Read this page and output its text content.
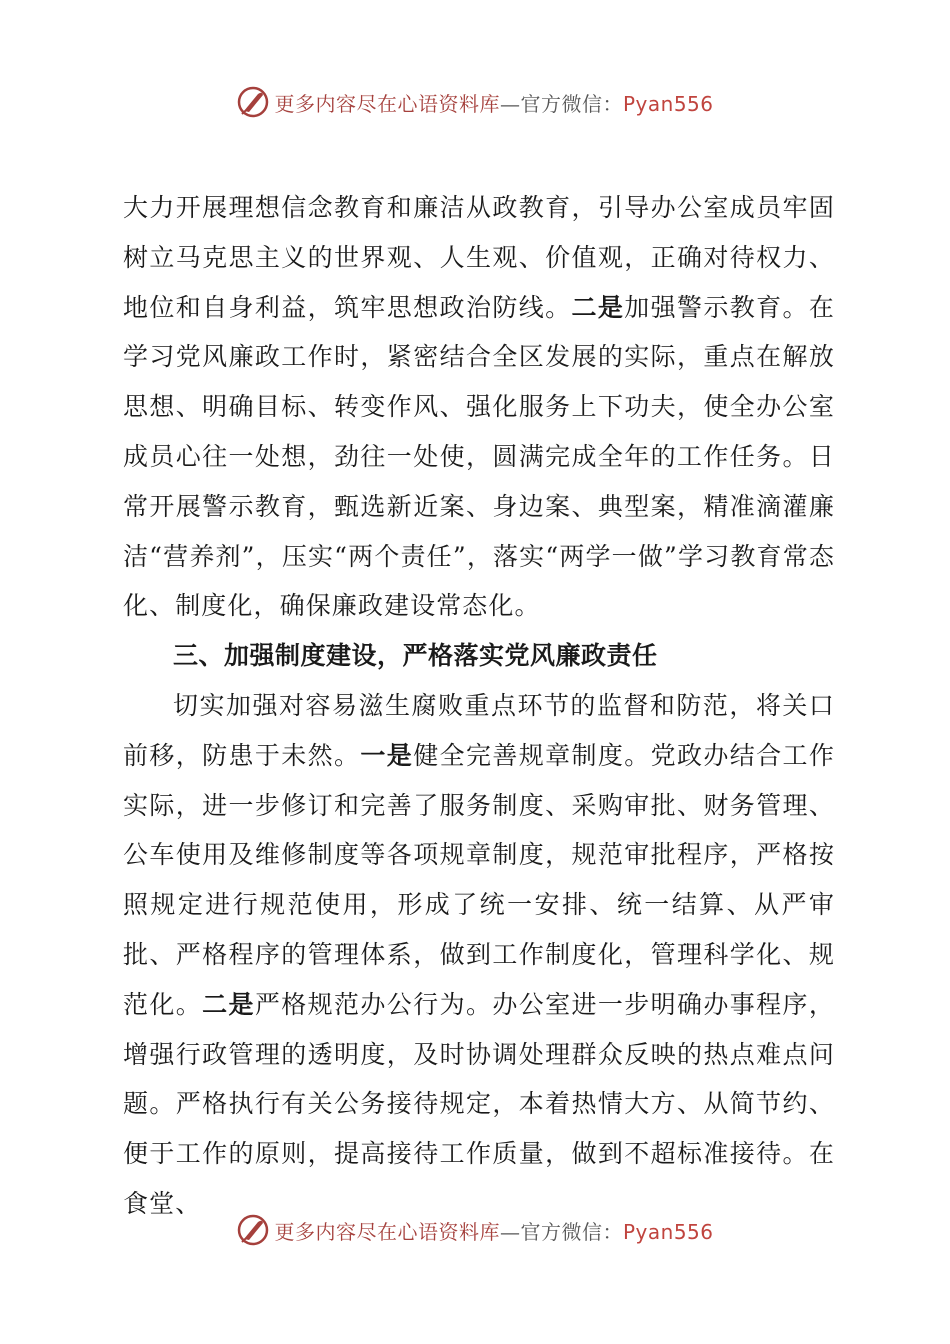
更多内容尽在心语资料库—官方微信：Pyan556

大力开展理想信念教育和廉洁从政教育，引导办公室成员牢固树立马克思主义的世界观、人生观、价值观，正确对待权力、地位和自身利益，筑牢思想政治防线。二是加强警示教育。在学习党风廉政工作时，紧密结合全区发展的实际，重点在解放思想、明确目标、转变作风、强化服务上下功夫，使全办公室成员心往一处想，劲往一处使，圆满完成全年的工作任务。日常开展警示教育，甄选新近案、身边案、典型案，精准滴灌廉洁“营养剂”，压实“两个责任”，落实“两学一做”学习教育常态化、制度化，确保廉政建设常态化。

三、加强制度建设，严格落实党风廉政责任

切实加强对容易滋生腐败重点环节的监督和防范，将关口前移，防患于未然。一是健全完善规章制度。党政办结合工作实际，进一步修订和完善了服务制度、采购审批、财务管理、公车使用及维修制度等各项规章制度，规范审批程序，严格按照规定进行规范使用，形成了统一安排、统一结算、从严审批、严格程序的管理体系，做到工作制度化，管理科学化、规范化。二是严格规范办公行为。办公室进一步明确办事程序，增强行政管理的透明度，及时协调处理群众反映的热点难点问题。严格执行有关公务接待规定，本着热情大方、从简节约、便于工作的原则，提高接待工作质量，做到不超标准接待。在食堂、

更多内容尽在心语资料库—官方微信：Pyan556
